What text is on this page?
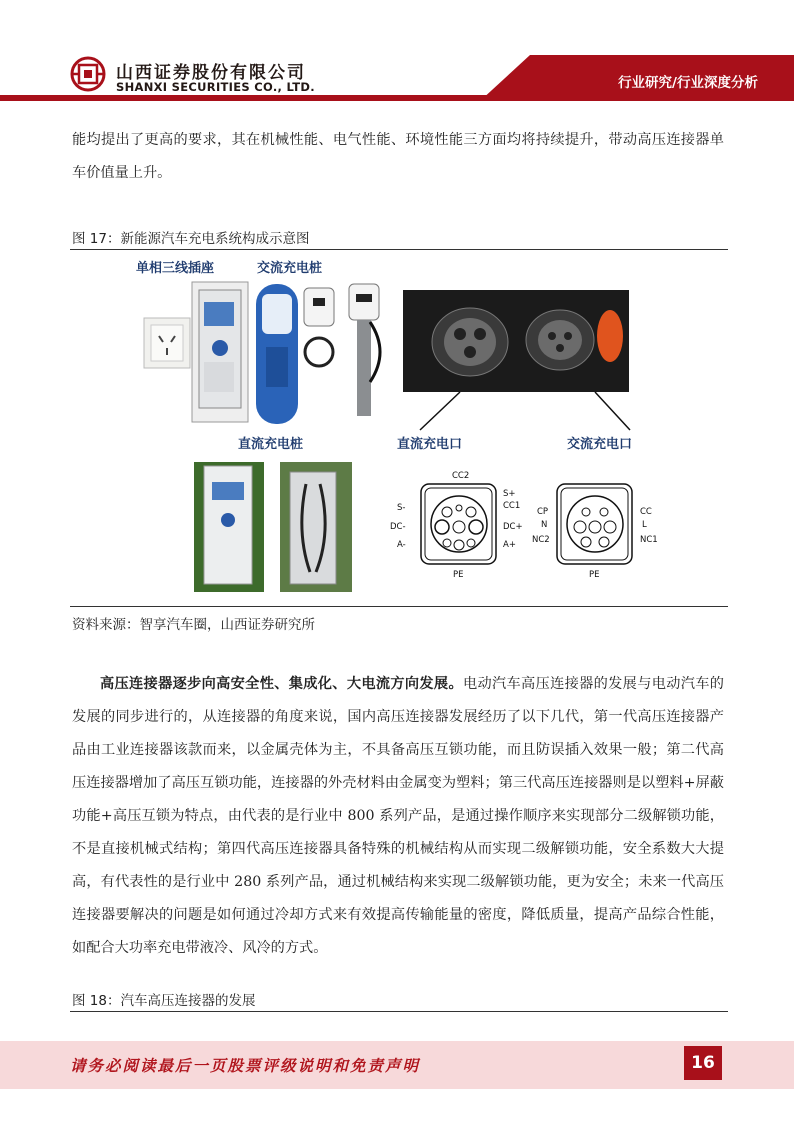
山西证券股份有限公司
SHANXI SECURITIES CO., LTD.	行业研究/行业深度分析

能均提出了更高的要求，其在机械性能、电气性能、环境性能三方面均将持续提升，带动高压连接器单车价值量上升。

图 17：新能源汽车充电系统构成示意图
单相三线插座	交流充电桩
直流充电桩	直流充电口	交流充电口
CC2
S+
CC1
S-
DC-	DC+
A-	A+
PE
CP	CC
N	L
NC2	NC1
PE
资料来源：智享汽车圈，山西证券研究所

高压连接器逐步向高安全性、集成化、大电流方向发展。电动汽车高压连接器的发展与电动汽车的发展的同步进行的，从连接器的角度来说，国内高压连接器发展经历了以下几代，第一代高压连接器产品由工业连接器该款而来，以金属壳体为主，不具备高压互锁功能，而且防误插入效果一般；第二代高压连接器增加了高压互锁功能，连接器的外壳材料由金属变为塑料；第三代高压连接器则是以塑料+屏蔽功能+高压互锁为特点，由代表的是行业中 800 系列产品，是通过操作顺序来实现部分二级解锁功能，不是直接机械式结构；第四代高压连接器具备特殊的机械结构从而实现二级解锁功能，安全系数大大提高，有代表性的是行业中 280 系列产品，通过机械结构来实现二级解锁功能，更为安全；未来一代高压连接器要解决的问题是如何通过冷却方式来有效提高传输能量的密度，降低质量，提高产品综合性能，如配合大功率充电带液冷、风冷的方式。

图 18：汽车高压连接器的发展
请务必阅读最后一页股票评级说明和免责声明	16
